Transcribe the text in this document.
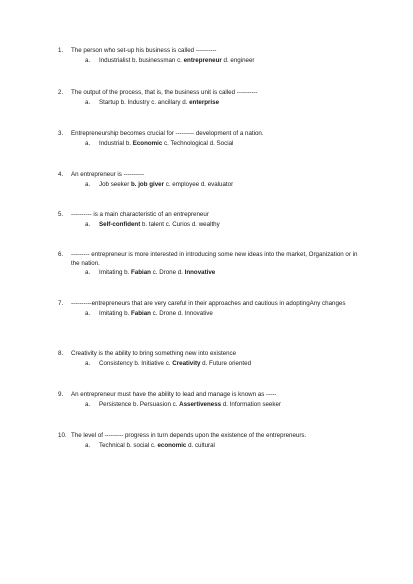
1.	The person who set-up his business is called ----------
a. Industrialist b. businessman c. entrepreneur d. engineer
2.	The output of the process, that is, the business unit is called ----------
a. Startup b. Industry c. ancillary d. enterprise
3.	Entrepreneurship becomes crucial for --------- development of a nation.
a. Industrial b. Economic c. Technological d. Social
4.	An entrepreneur is ----------
a. Job seeker b. job giver c. employee d. evaluator
5.	---------- is a main characteristic of an entrepreneur
a. Self-confident b. talent c. Curios d. wealthy
6.	--------- entrepreneur is more interested in introducing some new ideas into the market, Organization or in the nation.
a. Imitating b. Fabian c. Drone d. Innovative
7.	----------entrepreneurs that are very careful in their approaches and cautious in adoptingAny changes
a. Imitating b. Fabian c. Drone d. Innovative
8.	Creativity is the ability to bring something new into existence
a. Consistency b. Initiative c. Creativity d. Future oriented
9.	An entrepreneur must have the ability to lead and manage is known as -----
a. Persistence b. Persuasion c. Assertiveness d. Information seeker
10. The level of --------- progress in turn depends upon the existence of the entrepreneurs.
a. Technical b. social c. economic d. cultural
